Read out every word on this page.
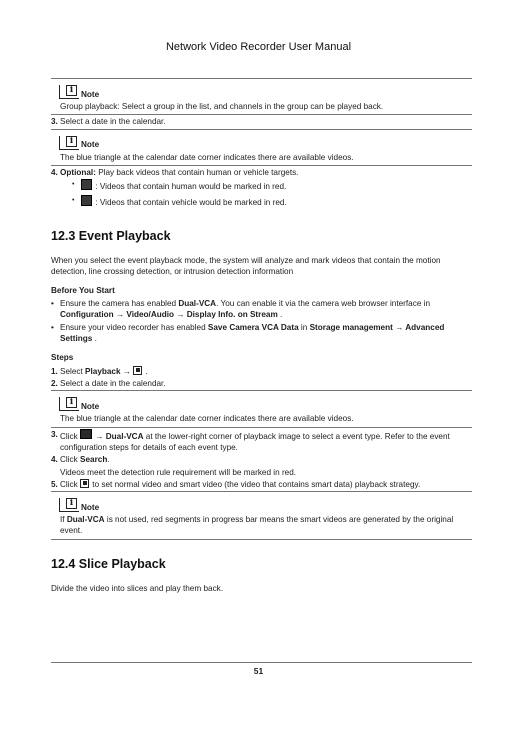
Network Video Recorder User Manual
i Note
Group playback: Select a group in the list, and channels in the group can be played back.
3. Select a date in the calendar.
i Note
The blue triangle at the calendar date corner indicates there are available videos.
4. Optional: Play back videos that contain human or vehicle targets.
•	: Videos that contain human would be marked in red.
•	: Videos that contain vehicle would be marked in red.
12.3 Event Playback
When you select the event playback mode, the system will analyze and mark videos that contain the motion detection, line crossing detection, or intrusion detection information
Before You Start
• Ensure the camera has enabled Dual-VCA. You can enable it via the camera web browser interface in Configuration → Video/Audio → Display Info. on Stream .
• Ensure your video recorder has enabled Save Camera VCA Data in Storage management → Advanced Settings .
Steps
1. Select Playback →  .
2. Select a date in the calendar.
i Note
The blue triangle at the calendar date corner indicates there are available videos.
3. Click  → Dual-VCA at the lower-right corner of playback image to select a event type. Refer to the event configuration steps for details of each event type.
4. Click Search.
Videos meet the detection rule requirement will be marked in red.
5. Click  to set normal video and smart video (the video that contains smart data) playback strategy.
i Note
If Dual-VCA is not used, red segments in progress bar means the smart videos are generated by the original event.
12.4 Slice Playback
Divide the video into slices and play them back.
51
